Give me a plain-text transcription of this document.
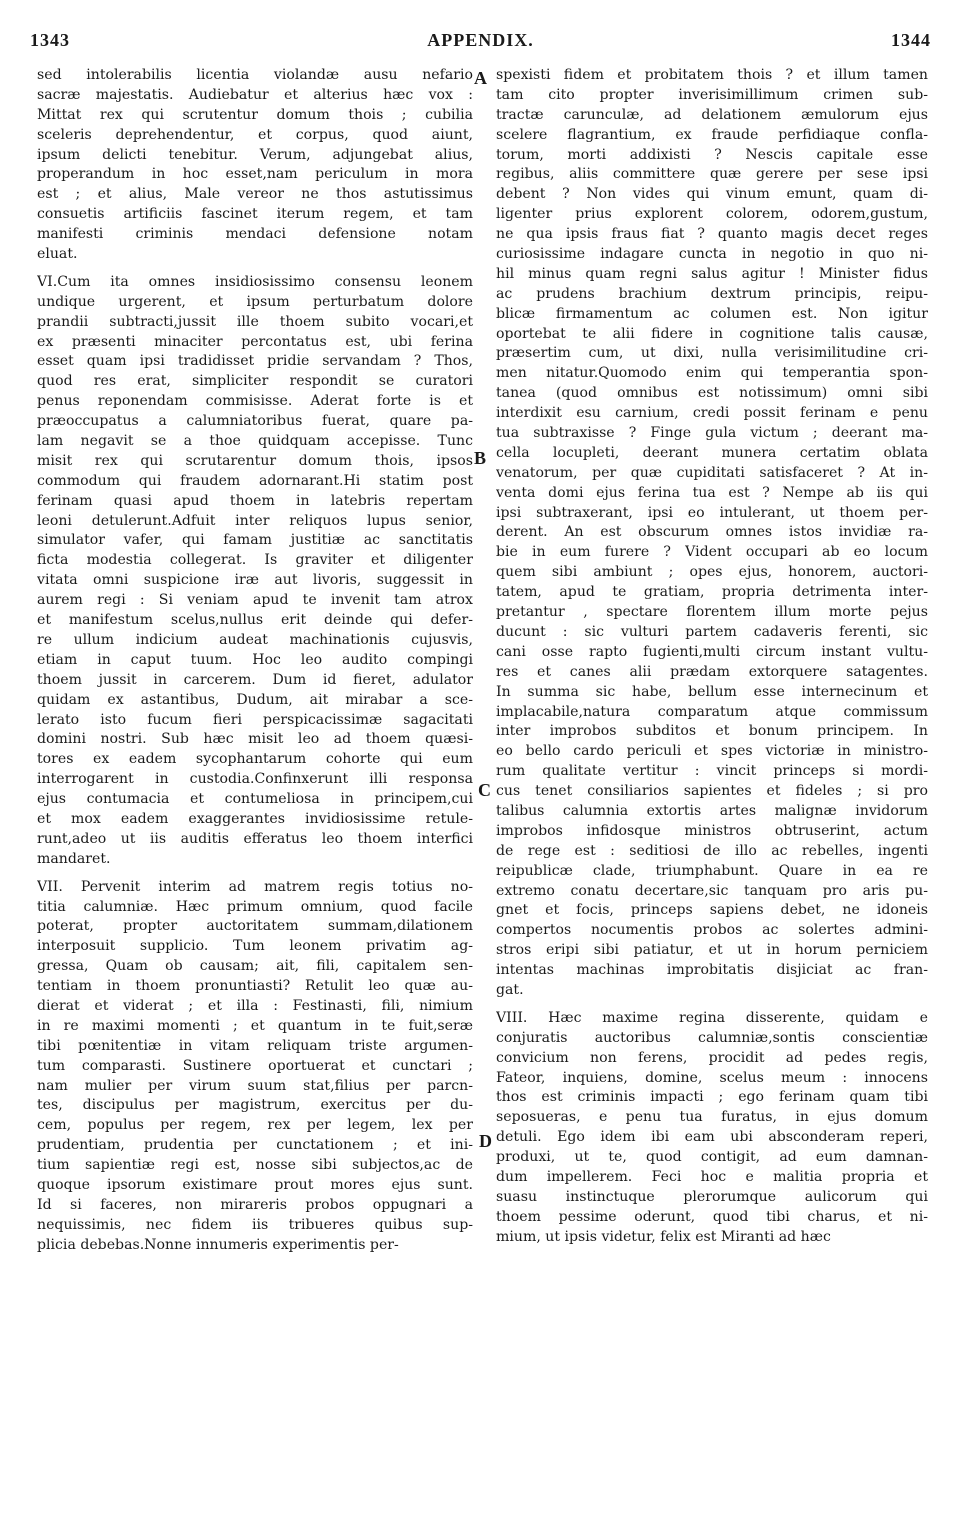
1343	APPENDIX.	1344
A
B
C
D
sed intolerabilis licentia violandæ ausu nefario
sacræ majestatis. Audiebatur et alterius hæc vox :
Mittat rex qui scrutentur domum thois ; cubilia
sceleris deprehendentur, et corpus, quod aiunt,
ipsum delicti tenebitur. Verum, adjungebat alius,
properandum in hoc esset,nam periculum in mora
est ; et alius, Male vereor ne thos astutissimus
consuetis artificiis fascinet iterum regem, et tam
manifesti criminis mendaci defensione notam
eluat.
VI.Cum ita omnes insidiosissimo consensu leonem
undique urgerent, et ipsum perturbatum dolore
prandii subtracti,jussit ille thoem subito vocari,et
ex præsenti minaciter percontatus est, ubi ferina
esset quam ipsi tradidisset pridie servandam ? Thos,
quod res erat, simpliciter respondit se curatori
penus reponendam commisisse. Aderat forte is et
præoccupatus a calumniatoribus fuerat, quare pa-
lam negavit se a thoe quidquam accepisse. Tunc
misit rex qui scrutarentur domum thois, ipsos
commodum qui fraudem adornarant.Hi statim post
ferinam quasi apud thoem in latebris repertam
leoni detulerunt.Adfuit inter reliquos lupus senior,
simulator vafer, qui famam justitiæ ac sanctitatis
ficta modestia collegerat. Is graviter et diligenter
vitata omni suspicione iræ aut livoris, suggessit in
aurem regi : Si veniam apud te invenit tam atrox
et manifestum scelus,nullus erit deinde qui defer-
re ullum indicium audeat machinationis cujusvis,
etiam in caput tuum. Hoc leo audito compingi
thoem jussit in carcerem. Dum id fieret, adulator
quidam ex astantibus, Dudum, ait mirabar a sce-
lerato isto fucum fieri perspicacissimæ sagacitati
domini nostri. Sub hæc misit leo ad thoem quæsi-
tores ex eadem sycophantarum cohorte qui eum
interrogarent in custodia.Confinxerunt illi responsa
ejus contumacia et contumeliosa in principem,cui
et mox eadem exaggerantes invidiosissime retule-
runt,adeo ut iis auditis efferatus leo thoem interfici
mandaret.
VII. Pervenit interim ad matrem regis totius no-
titia calumniæ. Hæc primum omnium, quod facile
poterat, propter auctoritatem summam,dilationem
interposuit supplicio. Tum leonem privatim ag-
gressa, Quam ob causam; ait, fili, capitalem sen-
tentiam in thoem pronuntiasti? Retulit leo quæ au-
dierat et viderat ; et illa : Festinasti, fili, nimium
in re maximi momenti ; et quantum in te fuit,seræ
tibi pœnitentiæ in vitam reliquam triste argumen-
tum comparasti. Sustinere oportuerat et cunctari ;
nam mulier per virum suum stat,filius per parcn-
tes, discipulus per magistrum, exercitus per du-
cem, populus per regem, rex per legem, lex per
prudentiam, prudentia per cunctationem ; et ini-
tium sapientiæ regi est, nosse sibi subjectos,ac de
quoque ipsorum existimare prout mores ejus sunt.
Id si faceres, non mirareris probos oppugnari a
nequissimis, nec fidem iis tribueres quibus sup-
plicia debebas.Nonne innumeris experimentis per-
spexisti fidem et probitatem thois ? et illum tamen
tam cito propter inverisimillimum crimen sub-
tractæ carunculæ, ad delationem æmulorum ejus
scelere flagrantium, ex fraude perfidiaque confla-
torum, morti addixisti ? Nescis capitale esse
regibus, aliis committere quæ gerere per sese ipsi
debent ? Non vides qui vinum emunt, quam di-
ligenter prius explorent colorem, odorem,gustum,
ne qua ipsis fraus fiat ? quanto magis decet reges
curiosissime indagare cuncta in negotio in quo ni-
hil minus quam regni salus agitur ! Minister fidus
ac prudens brachium dextrum principis, reipu-
blicæ firmamentum ac columen est. Non igitur
oportebat te alii fidere in cognitione talis causæ,
præsertim cum, ut dixi, nulla verisimilitudine cri-
men nitatur.Quomodo enim qui temperantia spon-
tanea (quod omnibus est notissimum) omni sibi
interdixit esu carnium, credi possit ferinam e penu
tua subtraxisse ? Finge gula victum ; deerant ma-
cella locupleti, deerant munera certatim oblata
venatorum, per quæ cupiditati satisfaceret ? At in-
venta domi ejus ferina tua est ? Nempe ab iis qui
ipsi subtraxerant, ipsi eo intulerant, ut thoem per-
derent. An est obscurum omnes istos invidiæ ra-
bie in eum furere ? Vident occupari ab eo locum
quem sibi ambiunt ; opes ejus, honorem, auctori-
tatem, apud te gratiam, propria detrimenta inter-
pretantur , spectare florentem illum morte pejus
ducunt : sic vulturi partem cadaveris ferenti, sic
cani osse rapto fugienti,multi circum instant vultu-
res et canes alii prædam extorquere satagentes.
In summa sic habe, bellum esse internecinum et
implacabile,natura comparatum atque commissum
inter improbos subditos et bonum principem. In
eo bello cardo periculi et spes victoriæ in ministro-
rum qualitate vertitur : vincit princeps si mordi-
cus tenet consiliarios sapientes et fideles ; si pro
talibus calumnia extortis artes malignæ invidorum
improbos infidosque ministros obtruserint, actum
de rege est : seditiosi de illo ac rebelles, ingenti
reipublicæ clade, triumphabunt. Quare in ea re
extremo conatu decertare,sic tanquam pro aris pu-
gnet et focis, princeps sapiens debet, ne idoneis
compertos nocumentis probos ac solertes admini-
stros eripi sibi patiatur, et ut in horum perniciem
intentas machinas improbitatis disjiciat ac fran-
gat.
VIII. Hæc maxime regina disserente, quidam e
conjuratis auctoribus calumniæ,sontis conscientiæ
convicium non ferens, procidit ad pedes regis,
Fateor, inquiens, domine, scelus meum : innocens
thos est criminis impacti ; ego ferinam quam tibi
seposueras, e penu tua furatus, in ejus domum
detuli. Ego idem ibi eam ubi absconderam reperi,
produxi, ut te, quod contigit, ad eum damnan-
dum impellerem. Feci hoc e malitia propria et
suasu instinctuque plerorumque aulicorum qui
thoem pessime oderunt, quod tibi charus, et ni-
mium, ut ipsis videtur, felix est Miranti ad hæc
